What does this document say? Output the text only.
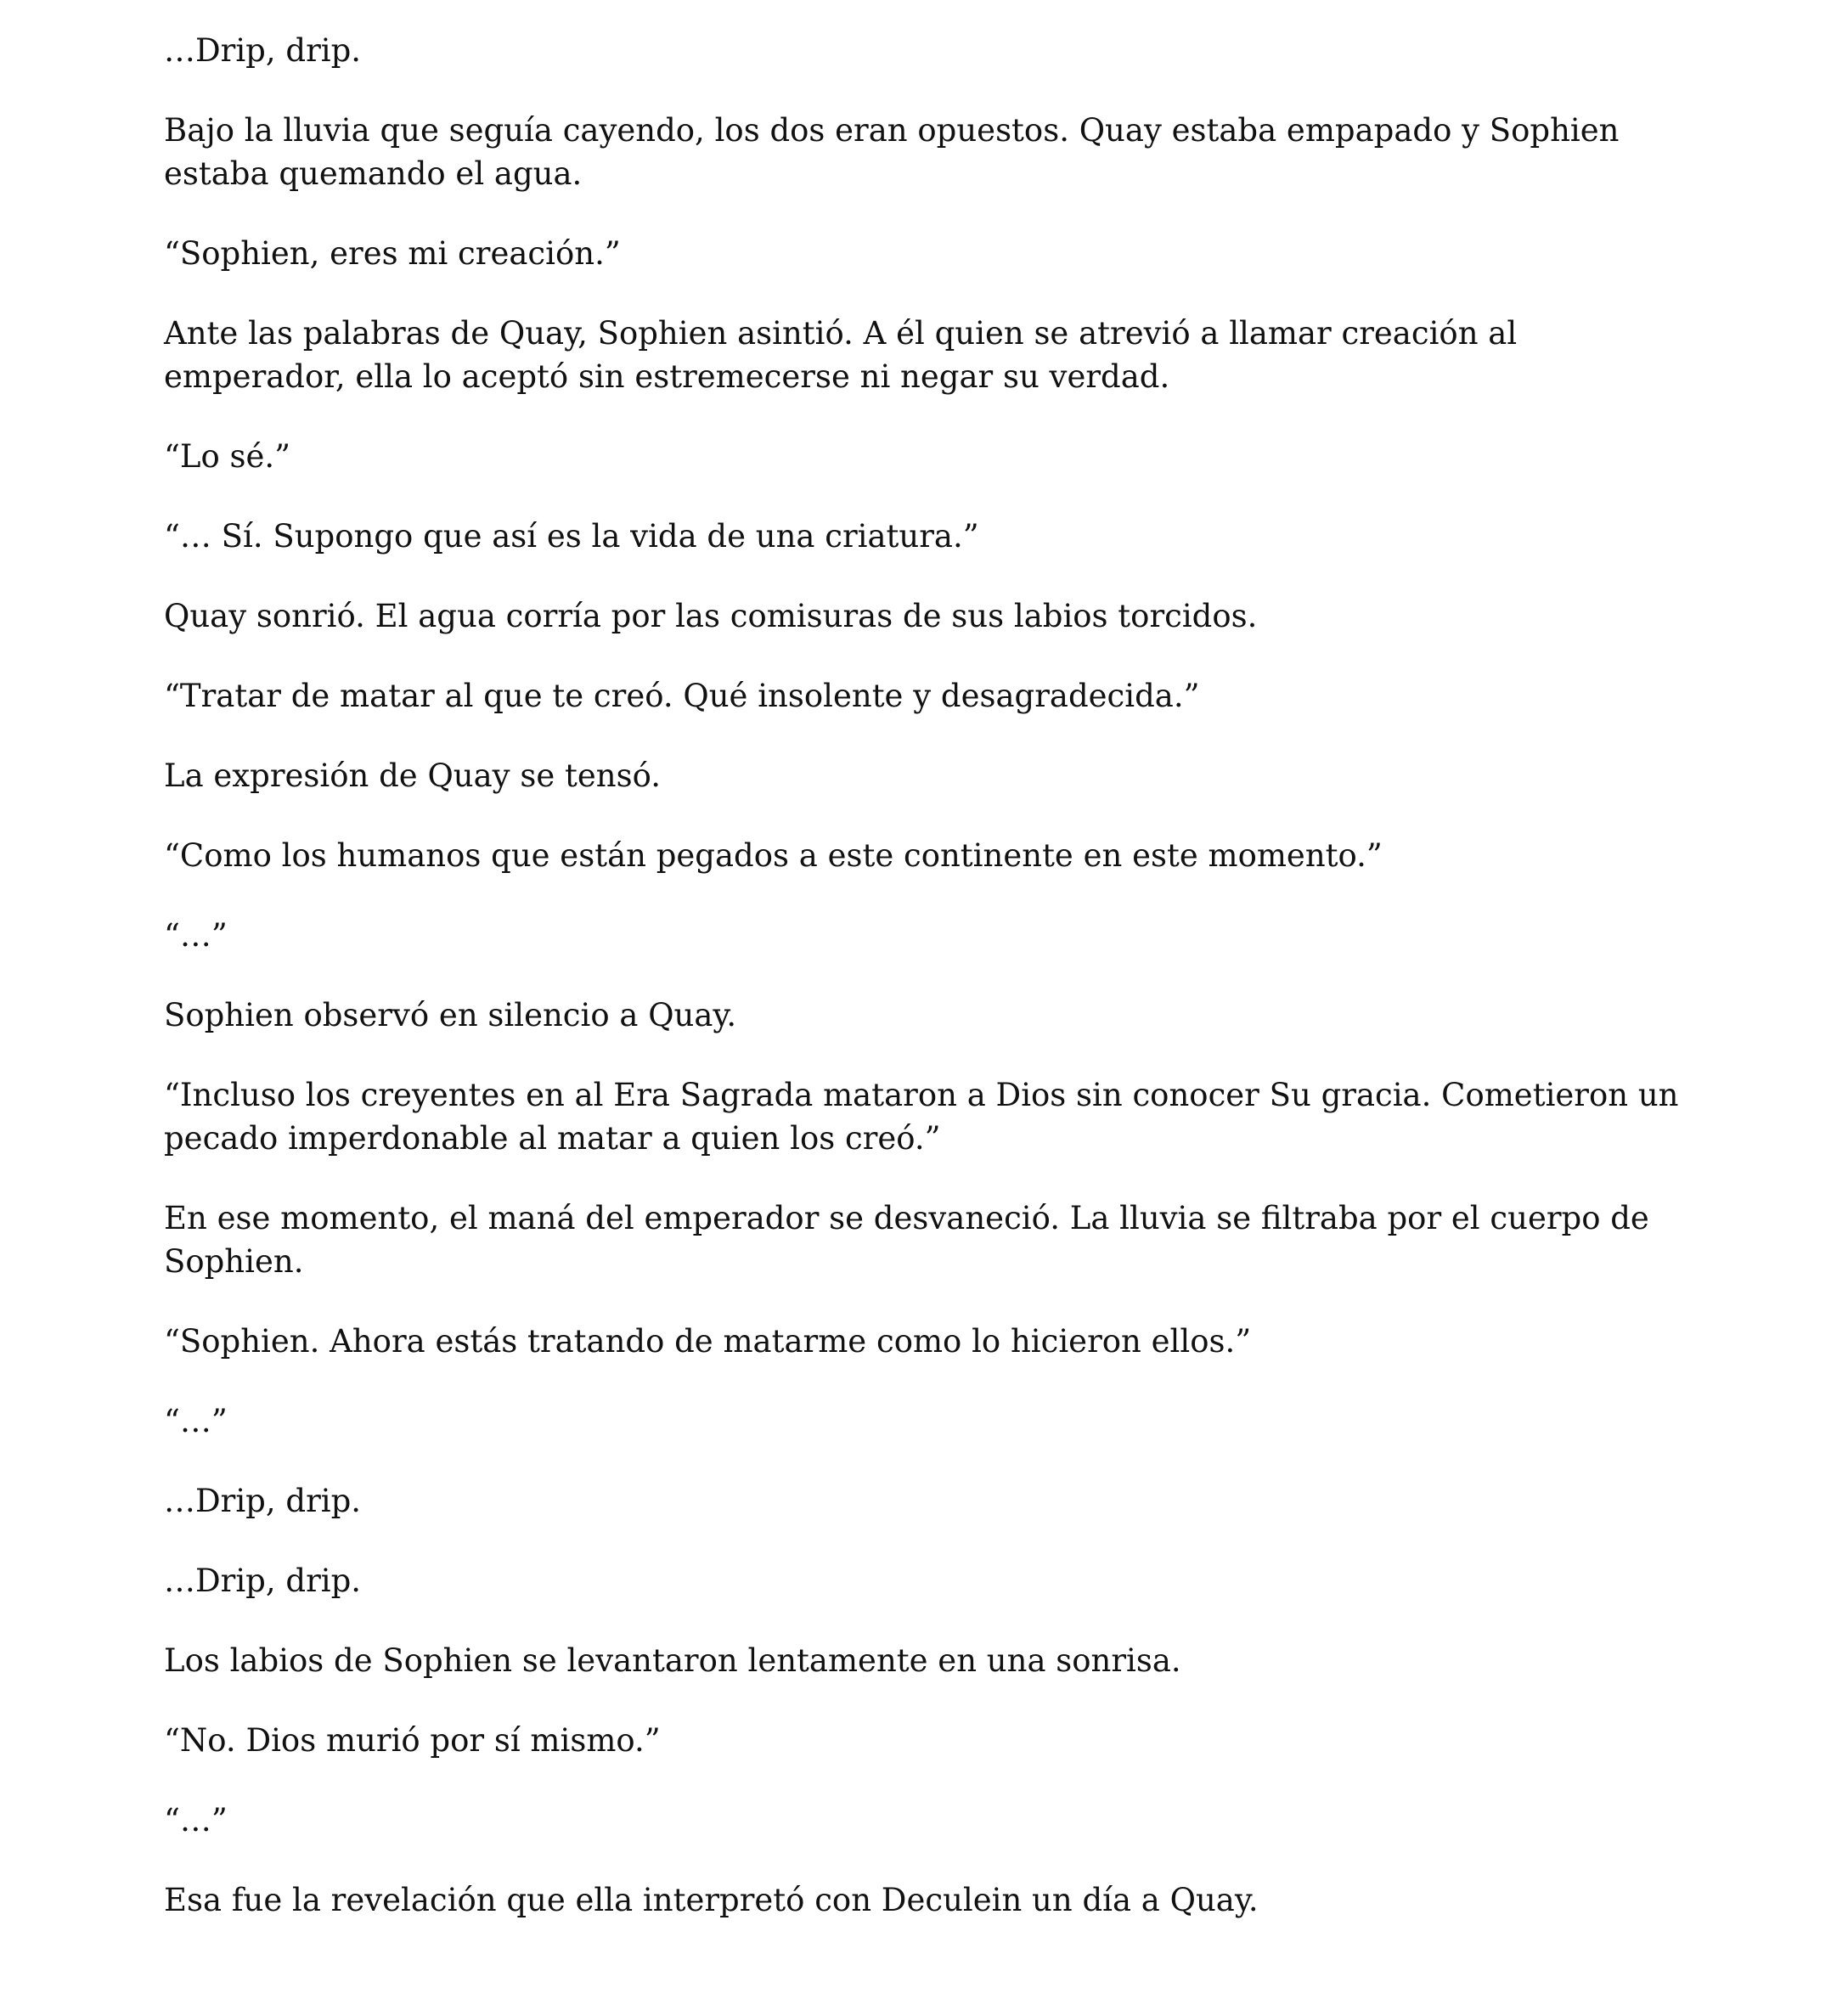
…Drip, drip.

Bajo la lluvia que seguía cayendo, los dos eran opuestos. Quay estaba empapado y Sophien estaba quemando el agua.

“Sophien, eres mi creación.”

Ante las palabras de Quay, Sophien asintió. A él quien se atrevió a llamar creación al emperador, ella lo aceptó sin estremecerse ni negar su verdad.

“Lo sé.”

“… Sí. Supongo que así es la vida de una criatura.”

Quay sonrió. El agua corría por las comisuras de sus labios torcidos.

“Tratar de matar al que te creó. Qué insolente y desagradecida.”

La expresión de Quay se tensó.

“Como los humanos que están pegados a este continente en este momento.”

“…”

Sophien observó en silencio a Quay.

“Incluso los creyentes en al Era Sagrada mataron a Dios sin conocer Su gracia. Cometieron un pecado imperdonable al matar a quien los creó.”

En ese momento, el maná del emperador se desvaneció. La lluvia se filtraba por el cuerpo de Sophien.

“Sophien. Ahora estás tratando de matarme como lo hicieron ellos.”

“…”

…Drip, drip.

…Drip, drip.

Los labios de Sophien se levantaron lentamente en una sonrisa.

“No. Dios murió por sí mismo.”

“…”

Esa fue la revelación que ella interpretó con Deculein un día a Quay.
